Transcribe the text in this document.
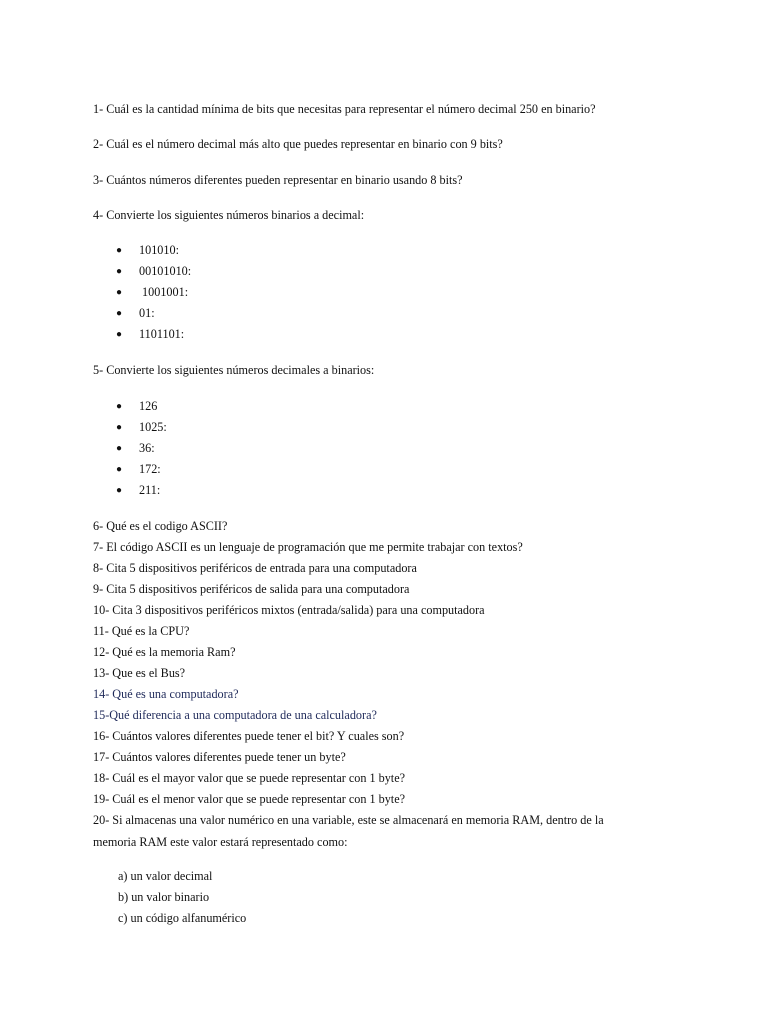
1- Cuál es la cantidad mínima de bits que necesitas para representar el número decimal 250 en binario?
2- Cuál es el número decimal más alto que puedes representar en binario con 9 bits?
3- Cuántos números diferentes pueden representar en binario usando 8 bits?
4- Convierte los siguientes números binarios a decimal:
● 101010:
● 00101010:
● 1001001:
● 01:
● 1101101:
5- Convierte los siguientes números decimales a binarios:
● 126
● 1025:
● 36:
● 172:
● 211:
6- Qué es el codigo ASCII?
7- El código ASCII es un lenguaje de programación que me permite trabajar con textos?
8- Cita 5 dispositivos periféricos de entrada para una computadora
9- Cita 5 dispositivos periféricos de salida para una computadora
10- Cita 3 dispositivos periféricos mixtos (entrada/salida) para una computadora
11- Qué es la CPU?
12- Qué es la memoria Ram?
13- Que es el Bus?
14- Qué es una computadora?
15-Qué diferencia a una computadora de una calculadora?
16- Cuántos valores diferentes puede tener el bit? Y cuales son?
17- Cuántos valores diferentes puede tener un byte?
18- Cuál es el mayor valor que se puede representar con 1 byte?
19- Cuál es el menor valor que se puede representar con 1 byte?
20- Si almacenas una valor numérico en una variable, este se almacenará en memoria RAM, dentro de la
memoria RAM este valor estará representado como:
a) un valor decimal
b) un valor binario
c) un código alfanumérico
